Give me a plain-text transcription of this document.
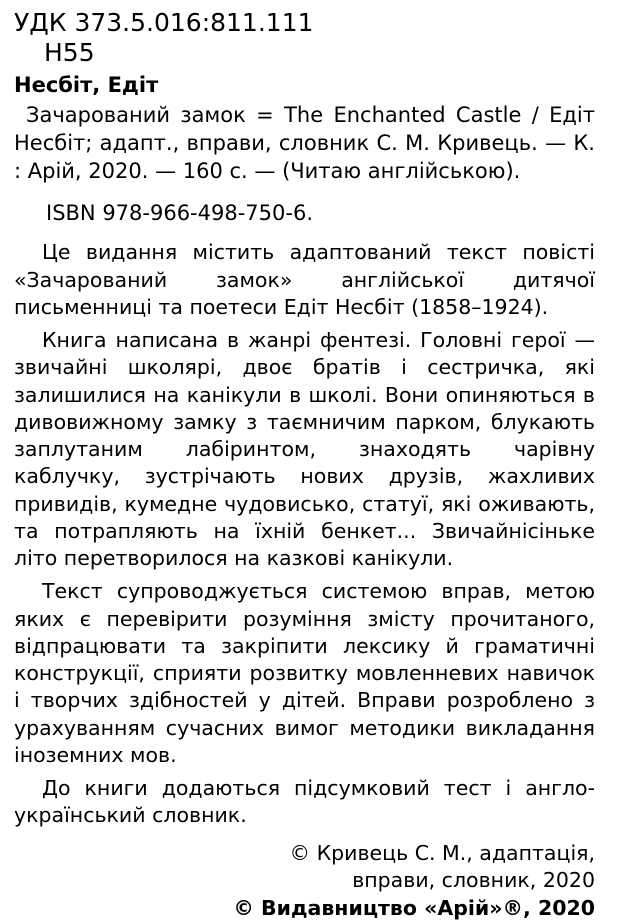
УДК 373.5.016:811.111
Н55
Несбіт, Едіт
Зачарований замок = The Enchanted Castle / Едіт Несбіт; адапт., вправи, словник С. М. Кривець. — К. : Арій, 2020. — 160 с. — (Читаю англійською).
ISBN 978-966-498-750-6.
Це видання містить адаптований текст повісті «Зачарований замок» англійської дитячої письменниці та поетеси Едіт Несбіт (1858–1924).
Книга написана в жанрі фентезі. Головні герої — звичайні школярі, двоє братів і сестричка, які залишилися на канікули в школі. Вони опиняються в дивовижному замку з таємничим парком, блукають заплутаним лабіринтом, знаходять чарівну каблучку, зустрічають нових друзів, жахливих привидів, кумедне чудовисько, статуї, які оживають, та потрапляють на їхній бенкет... Звичайнісіньке літо перетворилося на казкові канікули.
Текст супроводжується системою вправ, метою яких є перевірити розуміння змісту прочитаного, відпрацювати та закріпити лексику й граматичні конструкції, сприяти розвитку мовленневих навичок і творчих здібностей у дітей. Вправи розроблено з урахуванням сучасних вимог методики викладання іноземних мов.
До книги додаються підсумковий тест і англо-український словник.
© Кривець С. М., адаптація,
вправи, словник, 2020
© Видавництво «Арій»®, 2020
